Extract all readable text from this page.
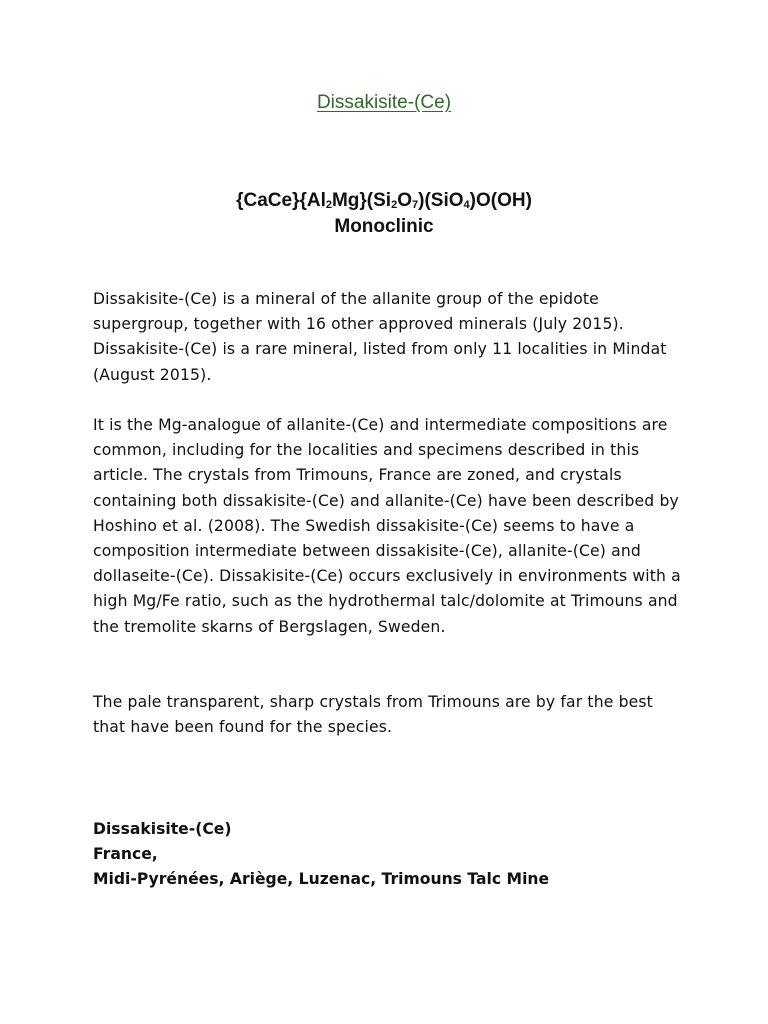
Dissakisite-(Ce)
$\{CaCe\}\{Al_2Mg\}(Si_2O_7)(SiO_4)O(OH)$
Monoclinic

Dissakisite-(Ce) is a mineral of the allanite group of the epidote supergroup, together with 16 other approved minerals (July 2015). Dissakisite-(Ce) is a rare mineral, listed from only 11 localities in Mindat (August 2015).

It is the Mg-analogue of allanite-(Ce) and intermediate compositions are common, including for the localities and specimens described in this article. The crystals from Trimouns, France are zoned, and crystals containing both dissakisite-(Ce) and allanite-(Ce) have been described by Hoshino et al. (2008). The Swedish dissakisite-(Ce) seems to have a composition intermediate between dissakisite-(Ce), allanite-(Ce) and dollaseite-(Ce). Dissakisite-(Ce) occurs exclusively in environments with a high Mg/Fe ratio, such as the hydrothermal talc/dolomite at Trimouns and the tremolite skarns of Bergslagen, Sweden.

The pale transparent, sharp crystals from Trimouns are by far the best that have been found for the species.

Dissakisite-(Ce)
France,
Midi-Pyrénées, Ariège, Luzenac, Trimouns Talc Mine
